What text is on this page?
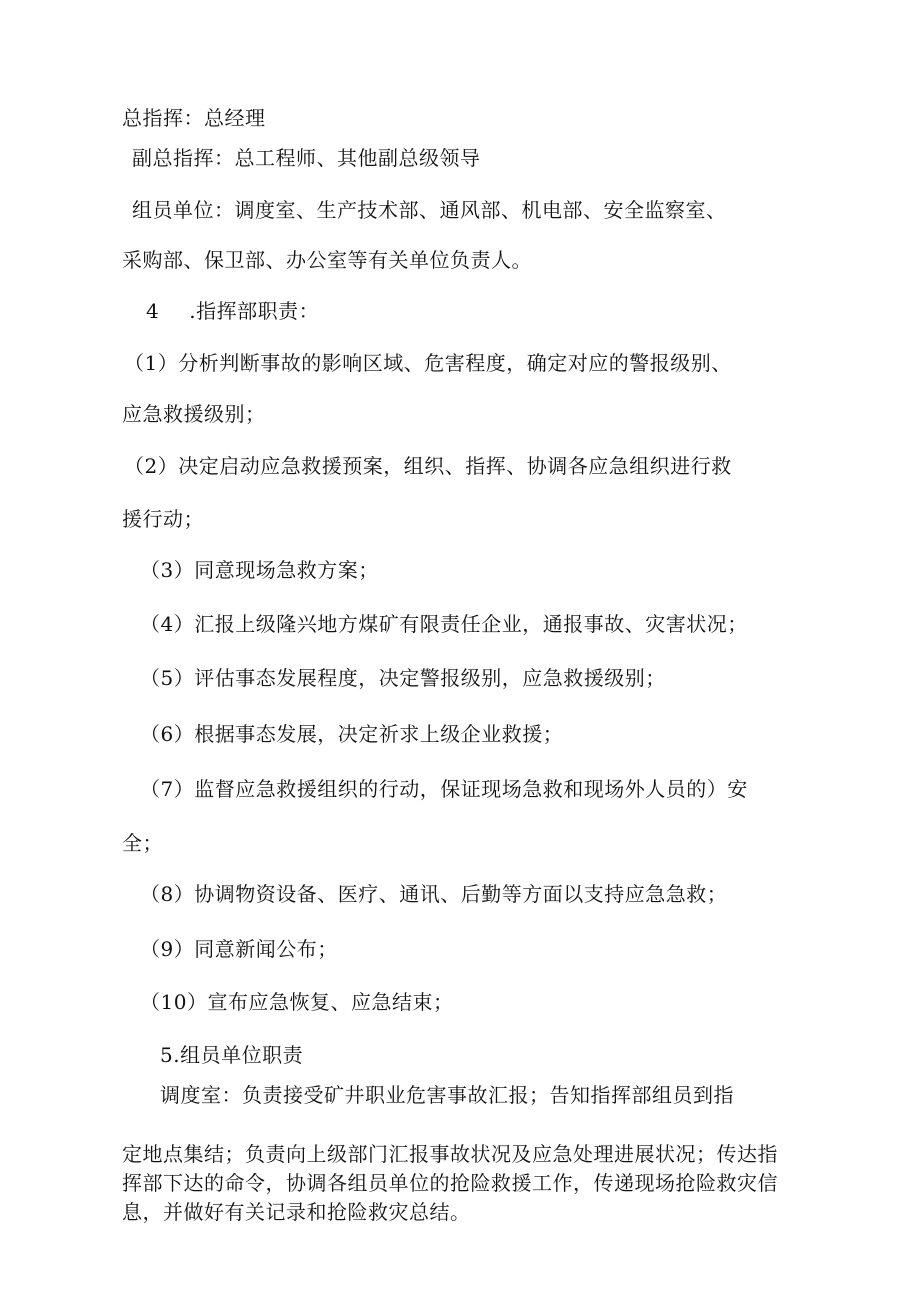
总指挥：总经理
副总指挥：总工程师、其他副总级领导
组员单位：调度室、生产技术部、通风部、机电部、安全监察室、
采购部、保卫部、办公室等有关单位负责人。
4 .指挥部职责：
（1）分析判断事故的影响区域、危害程度，确定对应的警报级别、
应急救援级别；
（2）决定启动应急救援预案，组织、指挥、协调各应急组织进行救
援行动；
（3）同意现场急救方案；
（4）汇报上级隆兴地方煤矿有限责任企业，通报事故、灾害状况；
（5）评估事态发展程度，决定警报级别，应急救援级别；
（6）根据事态发展，决定祈求上级企业救援；
（7）监督应急救援组织的行动，保证现场急救和现场外人员的）安
全；
（8）协调物资设备、医疗、通讯、后勤等方面以支持应急急救；
（9）同意新闻公布；
（10）宣布应急恢复、应急结束；
5.组员单位职责
调度室：负责接受矿井职业危害事故汇报；告知指挥部组员到指
定地点集结；负责向上级部门汇报事故状况及应急处理进展状况；传达指挥部下达的命令，协调各组员单位的抢险救援工作，传递现场抢险救灾信息，并做好有关记录和抢险救灾总结。
